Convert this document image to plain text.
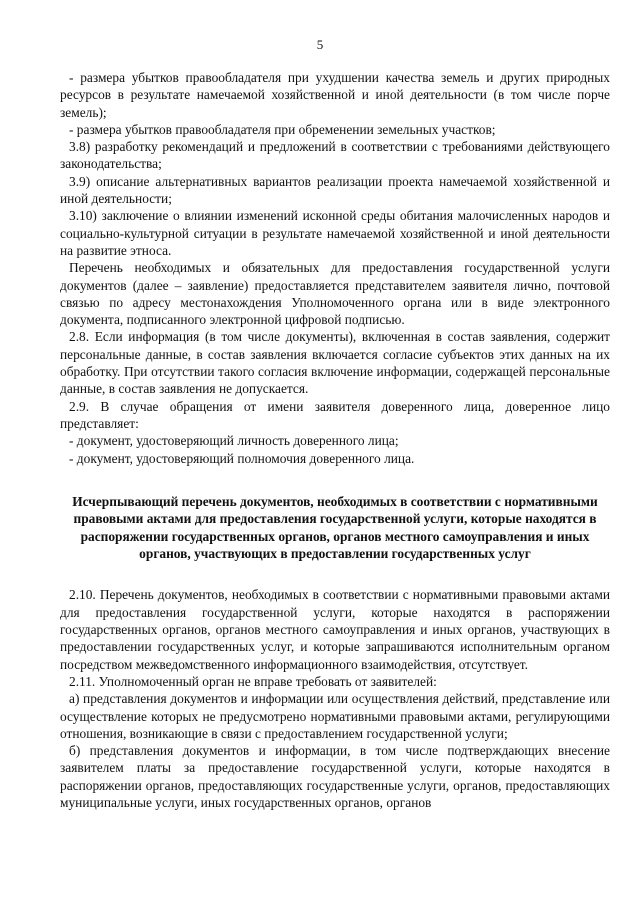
5

- размера убытков правообладателя при ухудшении качества земель и других природных ресурсов в результате намечаемой хозяйственной и иной деятельности (в том числе порче земель);

- размера убытков правообладателя при обременении земельных участков;

3.8) разработку рекомендаций и предложений в соответствии с требованиями действующего законодательства;

3.9) описание альтернативных вариантов реализации проекта намечаемой хозяйственной и иной деятельности;

3.10) заключение о влиянии изменений исконной среды обитания малочисленных народов и социально-культурной ситуации в результате намечаемой хозяйственной и иной деятельности на развитие этноса.

Перечень необходимых и обязательных для предоставления государственной услуги документов (далее – заявление) предоставляется представителем заявителя лично, почтовой связью по адресу местонахождения Уполномоченного органа или в виде электронного документа, подписанного электронной цифровой подписью.

2.8. Если информация (в том числе документы), включенная в состав заявления, содержит персональные данные, в состав заявления включается согласие субъектов этих данных на их обработку. При отсутствии такого согласия включение информации, содержащей персональные данные, в состав заявления не допускается.

2.9. В случае обращения от имени заявителя доверенного лица, доверенное лицо представляет:

- документ, удостоверяющий личность доверенного лица;

- документ, удостоверяющий полномочия доверенного лица.

Исчерпывающий перечень документов, необходимых в соответствии с нормативными правовыми актами для предоставления государственной услуги, которые находятся в распоряжении государственных органов, органов местного самоуправления и иных органов, участвующих в предоставлении государственных услуг

2.10. Перечень документов, необходимых в соответствии с нормативными правовыми актами для предоставления государственной услуги, которые находятся в распоряжении государственных органов, органов местного самоуправления и иных органов, участвующих в предоставлении государственных услуг, и которые запрашиваются исполнительным органом посредством межведомственного информационного взаимодействия, отсутствует.

2.11. Уполномоченный орган не вправе требовать от заявителей:

а) представления документов и информации или осуществления действий, представление или осуществление которых не предусмотрено нормативными правовыми актами, регулирующими отношения, возникающие в связи с предоставлением государственной услуги;

б) представления документов и информации, в том числе подтверждающих внесение заявителем платы за предоставление государственной услуги, которые находятся в распоряжении органов, предоставляющих государственные услуги, органов, предоставляющих муниципальные услуги, иных государственных органов, органов
